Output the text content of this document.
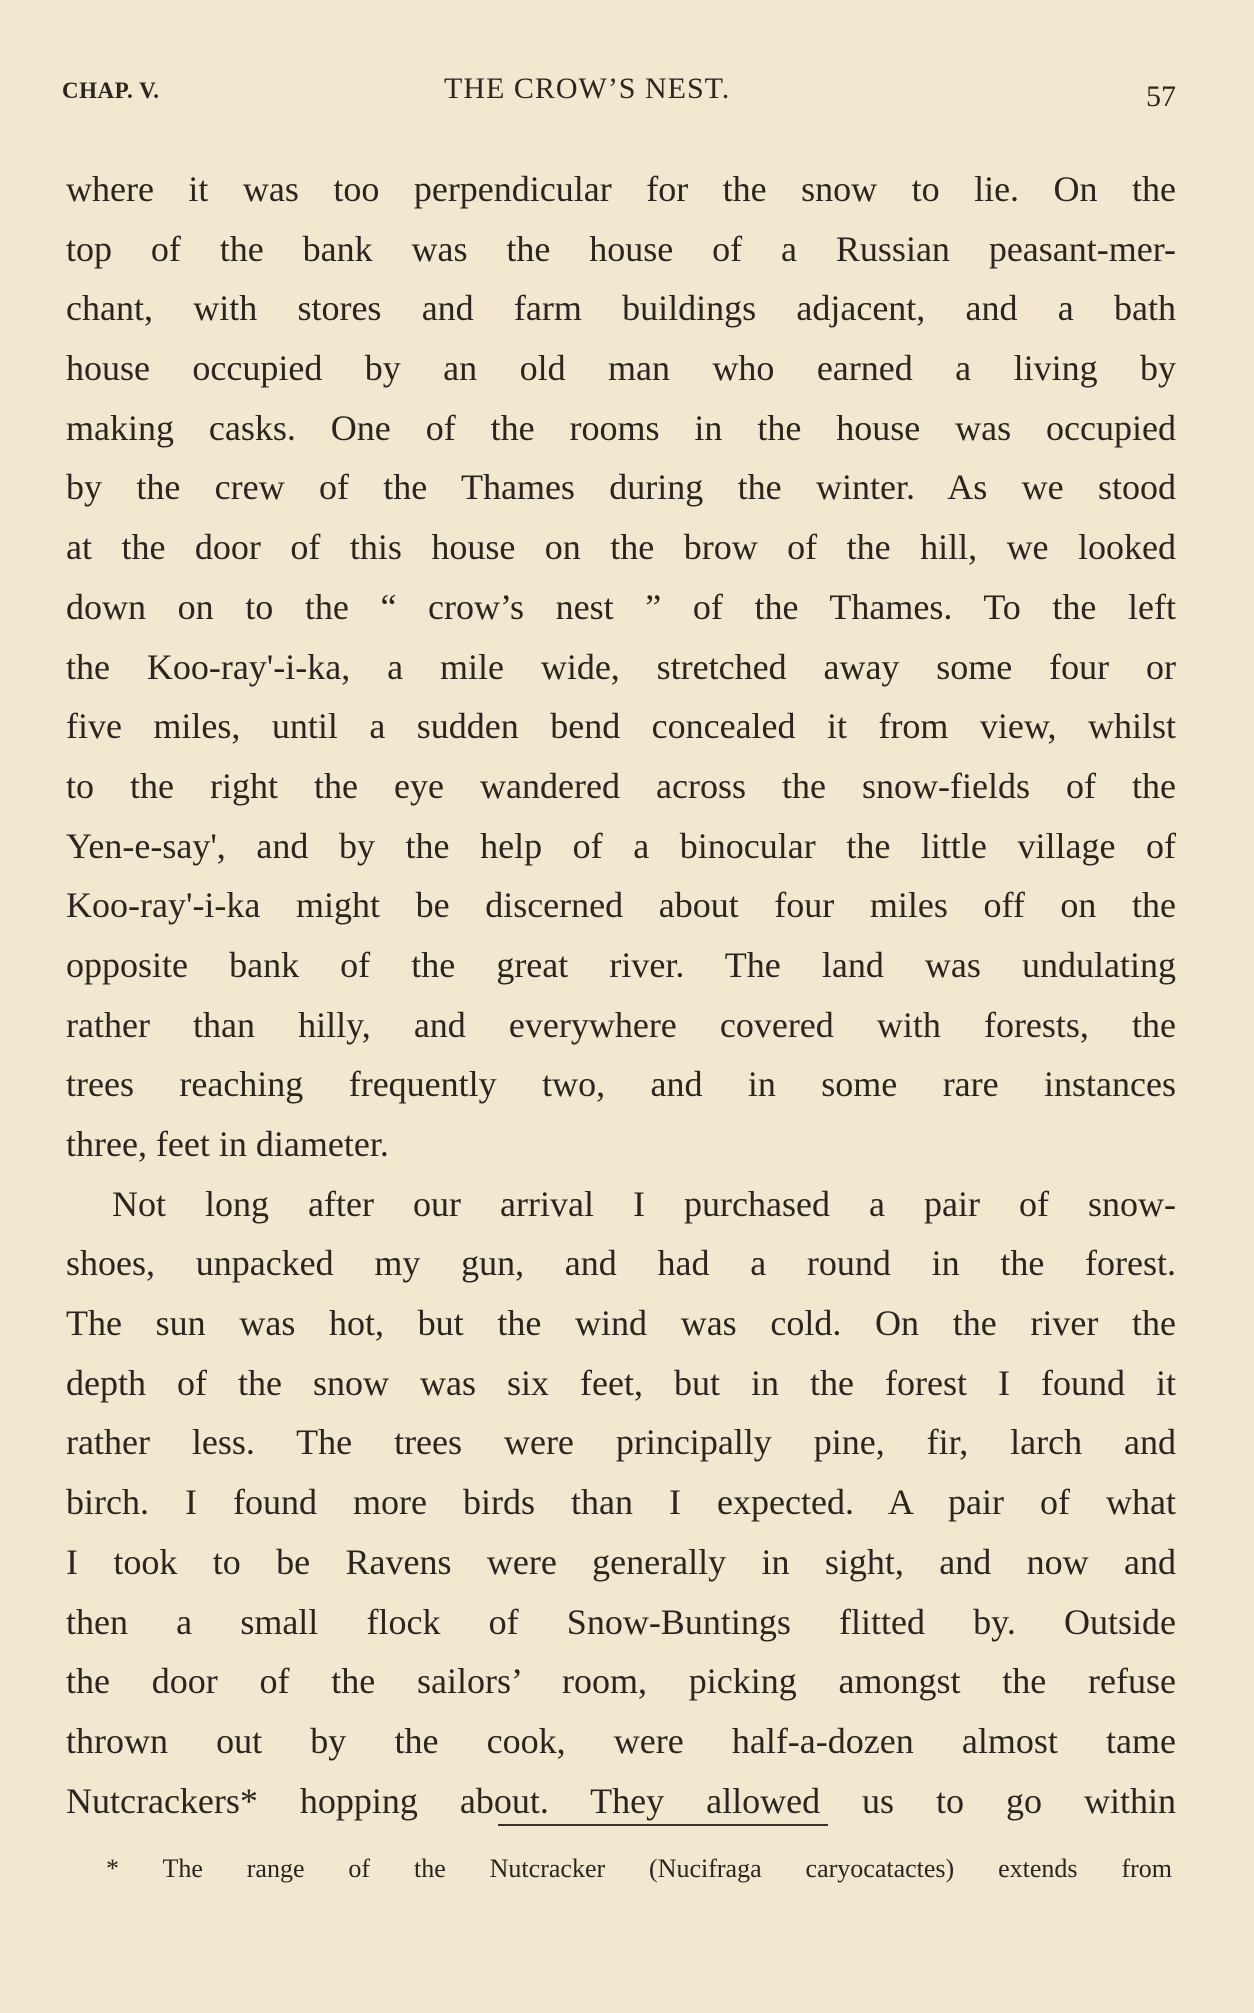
CHAP. V.	THE CROW’S NEST.	57
where it was too perpendicular for the snow to lie. On the
top of the bank was the house of a Russian peasant-mer-
chant, with stores and farm buildings adjacent, and a bath
house occupied by an old man who earned a living by
making casks. One of the rooms in the house was occupied
by the crew of the Thames during the winter. As we stood
at the door of this house on the brow of the hill, we looked
down on to the “ crow’s nest ” of the Thames. To the left
the Koo-ray'-i-ka, a mile wide, stretched away some four or
five miles, until a sudden bend concealed it from view, whilst
to the right the eye wandered across the snow-fields of the
Yen-e-say', and by the help of a binocular the little village of
Koo-ray'-i-ka might be discerned about four miles off on the
opposite bank of the great river. The land was undulating
rather than hilly, and everywhere covered with forests, the
trees reaching frequently two, and in some rare instances
three, feet in diameter.
Not long after our arrival I purchased a pair of snow-
shoes, unpacked my gun, and had a round in the forest.
The sun was hot, but the wind was cold. On the river the
depth of the snow was six feet, but in the forest I found it
rather less. The trees were principally pine, fir, larch and
birch. I found more birds than I expected. A pair of what
I took to be Ravens were generally in sight, and now and
then a small flock of Snow-Buntings flitted by. Outside
the door of the sailors’ room, picking amongst the refuse
thrown out by the cook, were half-a-dozen almost tame
Nutcrackers* hopping about. They allowed us to go within
* The range of the Nutcracker (Nucifraga caryocatactes) extends from
